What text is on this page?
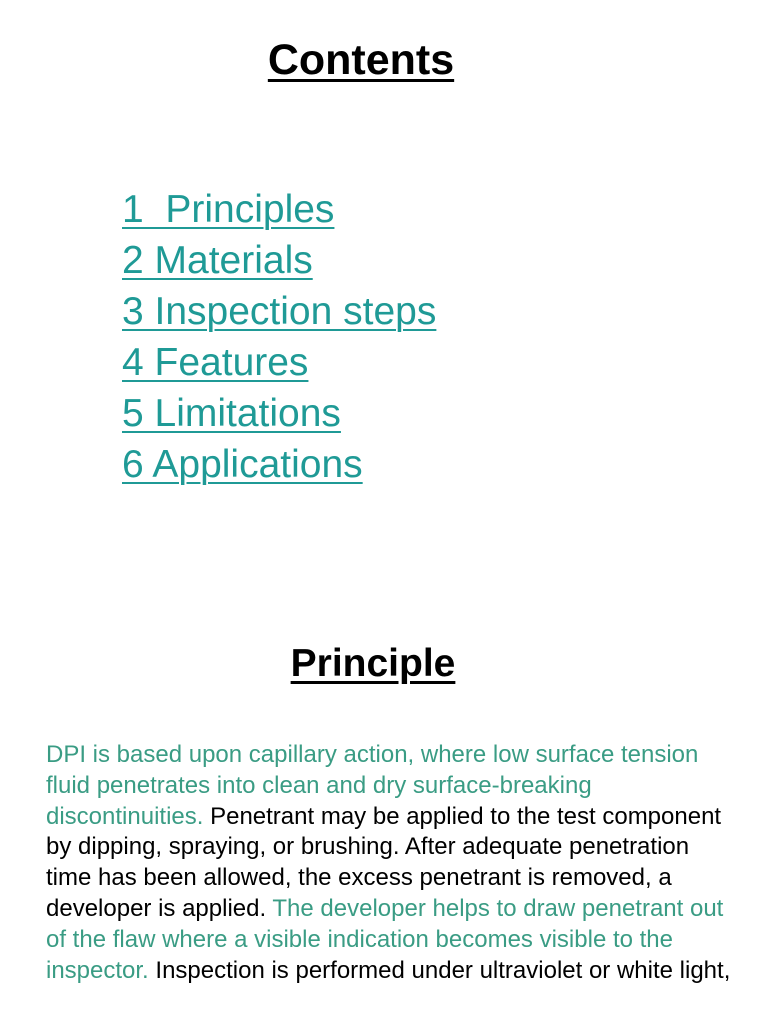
Contents
1  Principles
2 Materials
3 Inspection steps
4 Features
5 Limitations
6 Applications
Principle

DPI is based upon capillary action, where low surface tension fluid penetrates into clean and dry surface-breaking discontinuities. Penetrant may be applied to the test component by dipping, spraying, or brushing. After adequate penetration time has been allowed, the excess penetrant is removed, a developer is applied. The developer helps to draw penetrant out of the flaw where a visible indication becomes visible to the inspector. Inspection is performed under ultraviolet or white light,
